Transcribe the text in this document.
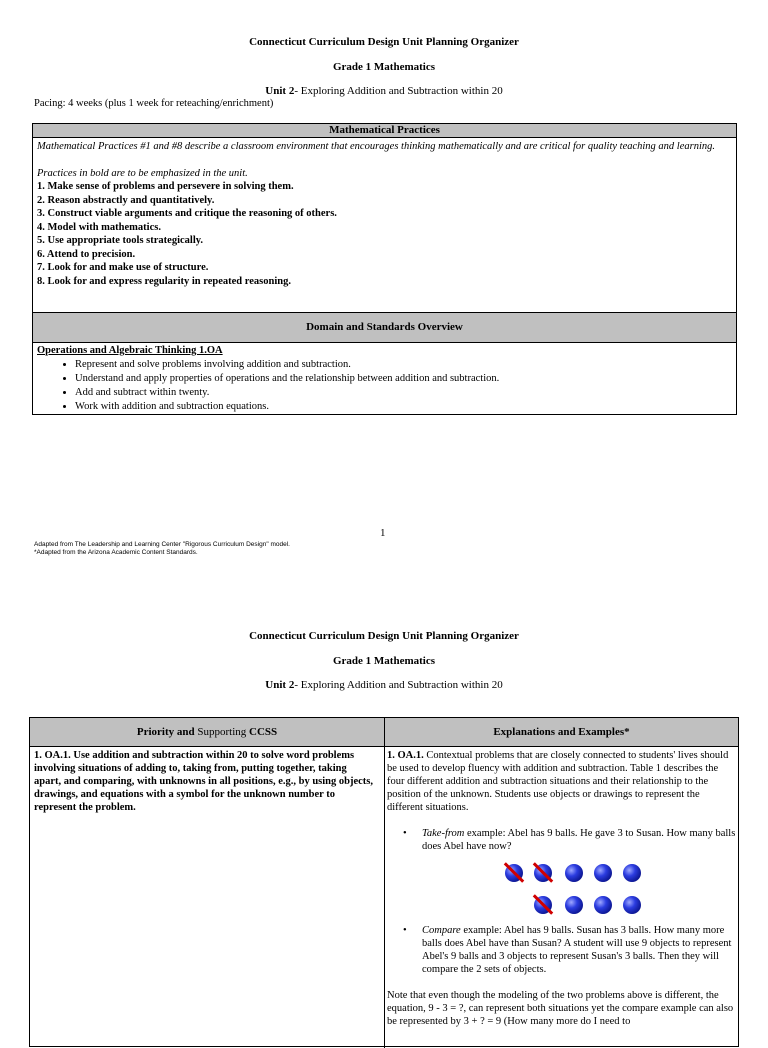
Connecticut Curriculum Design Unit Planning Organizer
Grade 1 Mathematics
Unit 2- Exploring Addition and Subtraction within 20
Pacing: 4 weeks (plus 1 week for reteaching/enrichment)
Mathematical Practices
Mathematical Practices #1 and #8 describe a classroom environment that encourages thinking mathematically and are critical for quality teaching and learning.
Practices in bold are to be emphasized in the unit.
1. Make sense of problems and persevere in solving them.
2. Reason abstractly and quantitatively.
3. Construct viable arguments and critique the reasoning of others.
4. Model with mathematics.
5. Use appropriate tools strategically.
6. Attend to precision.
7. Look for and make use of structure.
8. Look for and express regularity in repeated reasoning.
Domain and Standards Overview
Operations and Algebraic Thinking 1.OA
• Represent and solve problems involving addition and subtraction.
• Understand and apply properties of operations and the relationship between addition and subtraction.
• Add and subtract within twenty.
• Work with addition and subtraction equations.
1
Adapted from The Leadership and Learning Center "Rigorous Curriculum Design" model.
*Adapted from the Arizona Academic Content Standards.
Connecticut Curriculum Design Unit Planning Organizer
Grade 1 Mathematics
Unit 2- Exploring Addition and Subtraction within 20
Priority and Supporting CCSS	Explanations and Examples*
1. OA.1. Use addition and subtraction within 20 to solve word problems involving situations of adding to, taking from, putting together, taking apart, and comparing, with unknowns in all positions, e.g., by using objects, drawings, and equations with a symbol for the unknown number to represent the problem.
1. OA.1. Contextual problems that are closely connected to students' lives should be used to develop fluency with addition and subtraction. Table 1 describes the four different addition and subtraction situations and their relationship to the position of the unknown. Students use objects or drawings to represent the different situations.
• Take-from example: Abel has 9 balls. He gave 3 to Susan. How many balls does Abel have now?
• Compare example: Abel has 9 balls. Susan has 3 balls. How many more balls does Abel have than Susan? A student will use 9 objects to represent Abel's 9 balls and 3 objects to represent Susan's 3 balls. Then they will compare the 2 sets of objects.
Note that even though the modeling of the two problems above is different, the equation, 9 - 3 = ?, can represent both situations yet the compare example can also be represented by 3 + ? = 9 (How many more do I need to
